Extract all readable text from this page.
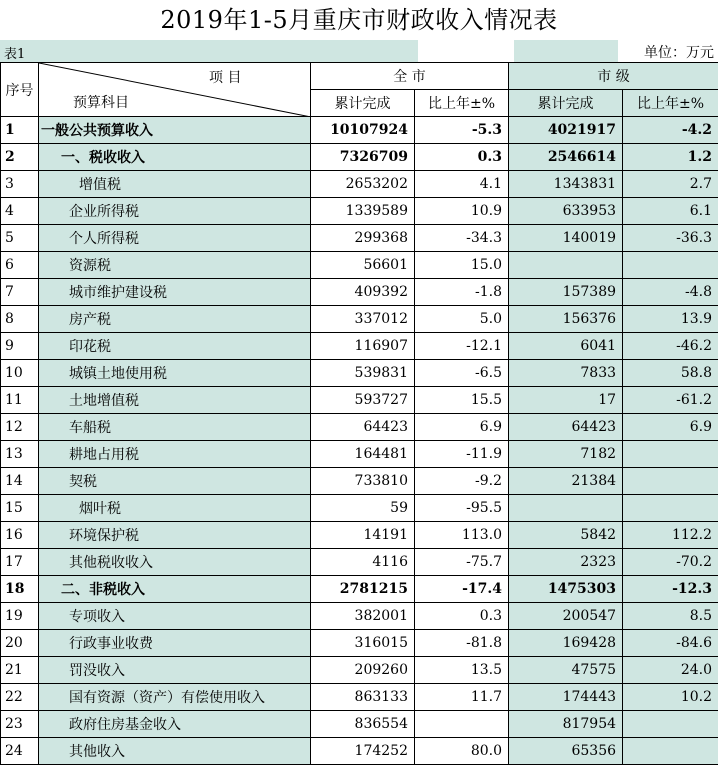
2019年1-5月重庆市财政收入情况表
表1	单位：万元
序号	项 目
预算科目	全 市		市 级	
		累计完成	比上年±%	累计完成	比上年±%
1	一般公共预算收入	10107924	-5.3	4021917	-4.2
2	一、税收收入	7326709	0.3	2546614	1.2
3	增值税	2653202	4.1	1343831	2.7
4	企业所得税	1339589	10.9	633953	6.1
5	个人所得税	299368	-34.3	140019	-36.3
6	资源税	56601	15.0		
7	城市维护建设税	409392	-1.8	157389	-4.8
8	房产税	337012	5.0	156376	13.9
9	印花税	116907	-12.1	6041	-46.2
10	城镇土地使用税	539831	-6.5	7833	58.8
11	土地增值税	593727	15.5	17	-61.2
12	车船税	64423	6.9	64423	6.9
13	耕地占用税	164481	-11.9	7182	
14	契税	733810	-9.2	21384	
15	烟叶税	59	-95.5		
16	环境保护税	14191	113.0	5842	112.2
17	其他税收收入	4116	-75.7	2323	-70.2
18	二、非税收入	2781215	-17.4	1475303	-12.3
19	专项收入	382001	0.3	200547	8.5
20	行政事业收费	316015	-81.8	169428	-84.6
21	罚没收入	209260	13.5	47575	24.0
22	国有资源（资产）有偿使用收入	863133	11.7	174443	10.2
23	政府住房基金收入	836554		817954	
24	其他收入	174252	80.0	65356	
